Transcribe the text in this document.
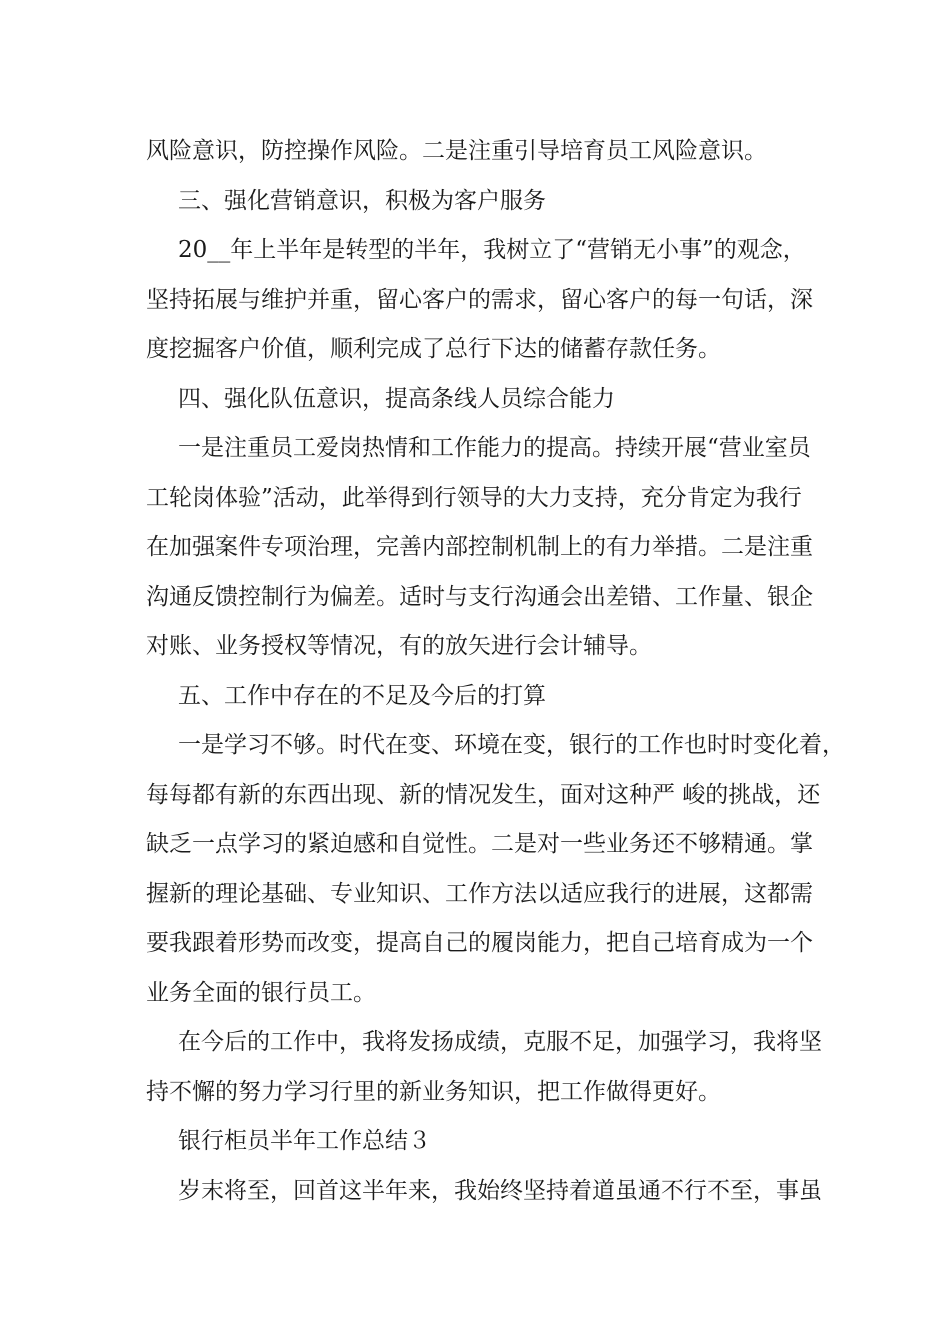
风险意识，防控操作风险。二是注重引导培育员工风险意识。
三、强化营销意识，积极为客户服务
20__年上半年是转型的半年，我树立了“营销无小事”的观念，
坚持拓展与维护并重，留心客户的需求，留心客户的每一句话，深
度挖掘客户价值，顺利完成了总行下达的储蓄存款任务。
四、强化队伍意识，提高条线人员综合能力
一是注重员工爱岗热情和工作能力的提高。持续开展“营业室员
工轮岗体验”活动，此举得到行领导的大力支持，充分肯定为我行
在加强案件专项治理，完善内部控制机制上的有力举措。二是注重
沟通反馈控制行为偏差。适时与支行沟通会出差错、工作量、银企
对账、业务授权等情况，有的放矢进行会计辅导。
五、工作中存在的不足及今后的打算
一是学习不够。时代在变、环境在变，银行的工作也时时变化着，
每每都有新的东西出现、新的情况发生，面对这种严 峻的挑战，还
缺乏一点学习的紧迫感和自觉性。二是对一些业务还不够精通。掌
握新的理论基础、专业知识、工作方法以适应我行的进展，这都需
要我跟着形势而改变，提高自己的履岗能力，把自己培育成为一个
业务全面的银行员工。
在今后的工作中，我将发扬成绩，克服不足，加强学习，我将坚
持不懈的努力学习行里的新业务知识，把工作做得更好。
银行柜员半年工作总结３
岁末将至，回首这半年来，我始终坚持着道虽通不行不至，事虽
